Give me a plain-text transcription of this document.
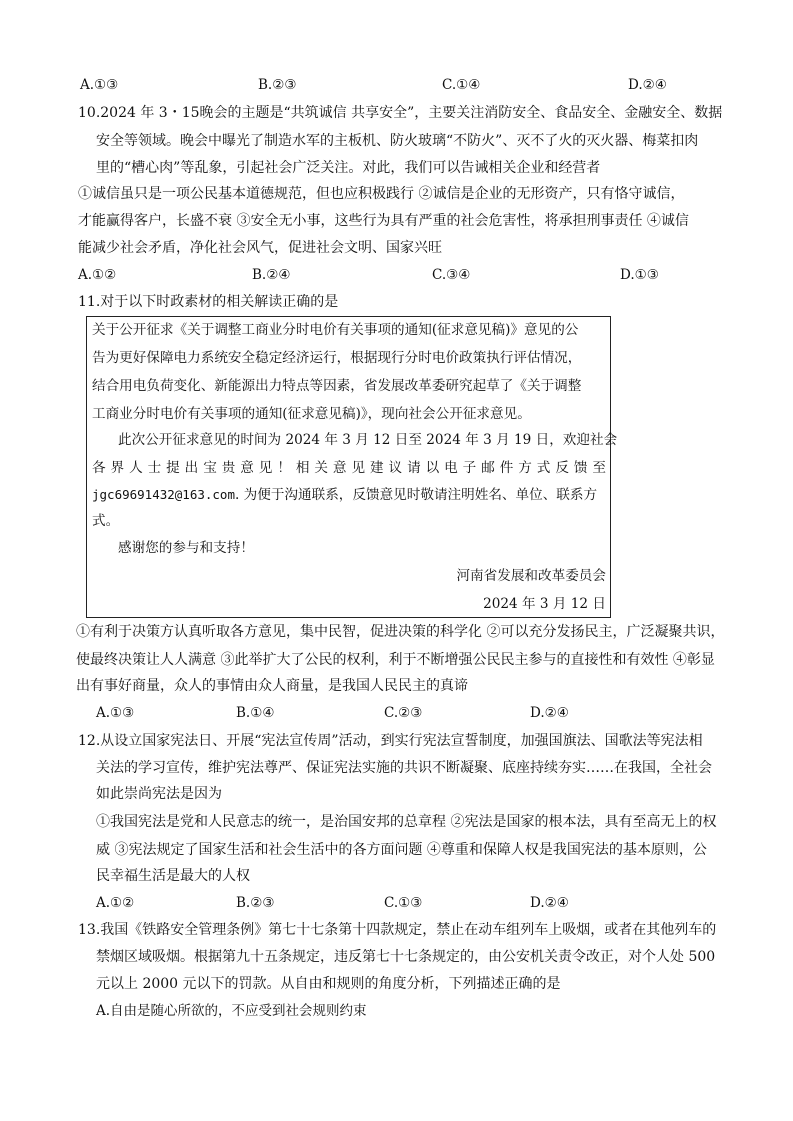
A.①③	B.②③	C.①④	D.②④
10.2024 年 3・15晚会的主题是“共筑诚信 共享安全”，主要关注消防安全、食品安全、金融安全、数据
安全等领域。晚会中曝光了制造水军的主板机、防火玻璃“不防火”、灭不了火的灭火器、梅菜扣肉
里的“槽心肉”等乱象，引起社会广泛关注。对此，我们可以告诫相关企业和经营者
①诚信虽只是一项公民基本道德规范，但也应积极践行 ②诚信是企业的无形资产，只有恪守诚信，
才能赢得客户，长盛不衰 ③安全无小事，这些行为具有严重的社会危害性，将承担刑事责任 ④诚信
能减少社会矛盾，净化社会风气，促进社会文明、国家兴旺
A.①②	B.②④	C.③④	D.①③
11.对于以下时政素材的相关解读正确的是
关于公开征求《关于调整工商业分时电价有关事项的通知(征求意见稿)》意见的公
告为更好保障电力系统安全稳定经济运行，根据现行分时电价政策执行评估情况，
结合用电负荷变化、新能源出力特点等因素，省发展改革委研究起草了《关于调整
工商业分时电价有关事项的通知(征求意见稿)》，现向社会公开征求意见。
此次公开征求意见的时间为 2024 年 3 月 12 日至 2024 年 3 月 19 日，欢迎社会
各界人士提出宝贵意见！相关意见建议请以电子邮件方式反馈至
jgc69691432@163.com. 为便于沟通联系，反馈意见时敬请注明姓名、单位、联系方
式。
感谢您的参与和支持！
河南省发展和改革委员会
2024 年 3 月 12 日
①有利于决策方认真听取各方意见，集中民智，促进决策的科学化 ②可以充分发扬民主，广泛凝聚共识，
使最终决策让人人满意 ③此举扩大了公民的权利，利于不断增强公民民主参与的直接性和有效性 ④彰显
出有事好商量，众人的事情由众人商量，是我国人民民主的真谛
A.①③	B.①④	C.②③	D.②④
12.从设立国家宪法日、开展“宪法宣传周”活动，到实行宪法宣誓制度，加强国旗法、国歌法等宪法相
关法的学习宣传，维护宪法尊严、保证宪法实施的共识不断凝聚、底座持续夯实……在我国，全社会
如此崇尚宪法是因为
①我国宪法是党和人民意志的统一，是治国安邦的总章程 ②宪法是国家的根本法，具有至高无上的权
威 ③宪法规定了国家生活和社会生活中的各方面问题 ④尊重和保障人权是我国宪法的基本原则，公
民幸福生活是最大的人权
A.①②	B.②③	C.①③	D.②④
13.我国《铁路安全管理条例》第七十七条第十四款规定，禁止在动车组列车上吸烟，或者在其他列车的
禁烟区域吸烟。根据第九十五条规定，违反第七十七条规定的，由公安机关责令改正，对个人处 500
元以上 2000 元以下的罚款。从自由和规则的角度分析，下列描述正确的是
A.自由是随心所欲的，不应受到社会规则约束
